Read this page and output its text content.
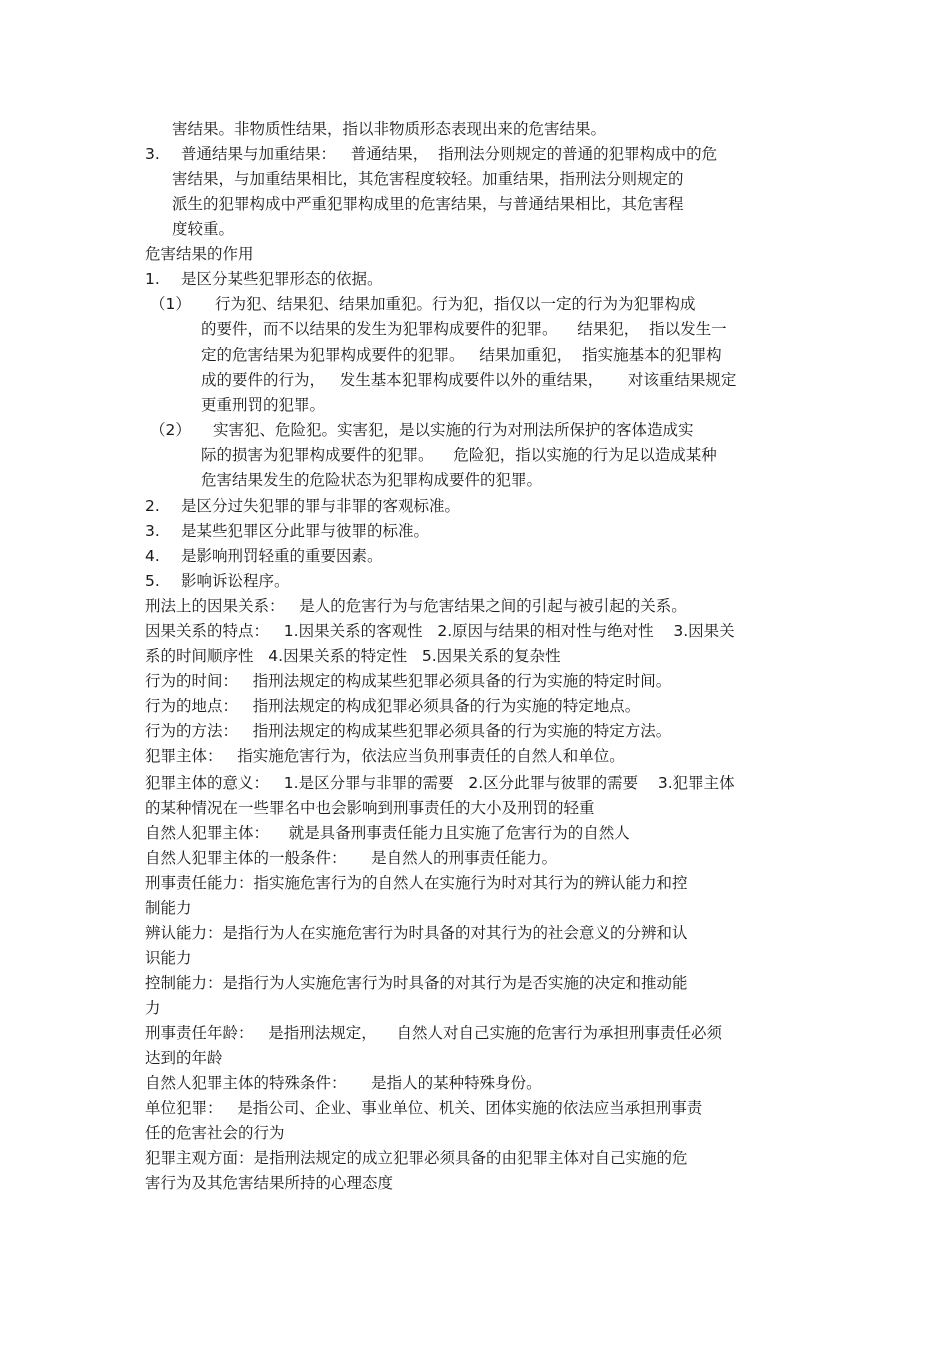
害结果。非物质性结果，指以非物质形态表现出来的危害结果。
3. 普通结果与加重结果：   普通结果，  指刑法分则规定的普通的犯罪构成中的危
害结果，与加重结果相比，其危害程度较轻。加重结果，指刑法分则规定的
派生的犯罪构成中严重犯罪构成里的危害结果，与普通结果相比，其危害程
度较重。
危害结果的作用
1. 是区分某些犯罪形态的依据。
（1） 行为犯、结果犯、结果加重犯。行为犯，指仅以一定的行为为犯罪构成
的要件，而不以结果的发生为犯罪构成要件的犯罪。    结果犯，  指以发生一
定的危害结果为犯罪构成要件的犯罪。   结果加重犯，  指实施基本的犯罪构
成的要件的行为，   发生基本犯罪构成要件以外的重结果，     对该重结果规定
更重刑罚的犯罪。
（2） 实害犯、危险犯。实害犯，是以实施的行为对刑法所保护的客体造成实
际的损害为犯罪构成要件的犯罪。    危险犯，指以实施的行为足以造成某种
危害结果发生的危险状态为犯罪构成要件的犯罪。
2. 是区分过失犯罪的罪与非罪的客观标准。
3. 是某些犯罪区分此罪与彼罪的标准。
4. 是影响刑罚轻重的重要因素。
5. 影响诉讼程序。
刑法上的因果关系：   是人的危害行为与危害结果之间的引起与被引起的关系。
因果关系的特点：   1.因果关系的客观性   2.原因与结果的相对性与绝对性    3.因果关
系的时间顺序性   4.因果关系的特定性   5.因果关系的复杂性
行为的时间：   指刑法规定的构成某些犯罪必须具备的行为实施的特定时间。
行为的地点：   指刑法规定的构成犯罪必须具备的行为实施的特定地点。
行为的方法：   指刑法规定的构成某些犯罪必须具备的行为实施的特定方法。
犯罪主体：   指实施危害行为，依法应当负刑事责任的自然人和单位。
犯罪主体的意义：   1.是区分罪与非罪的需要   2.区分此罪与彼罪的需要    3.犯罪主体
的某种情况在一些罪名中也会影响到刑事责任的大小及刑罚的轻重
自然人犯罪主体：    就是具备刑事责任能力且实施了危害行为的自然人
自然人犯罪主体的一般条件：     是自然人的刑事责任能力。
刑事责任能力：指实施危害行为的自然人在实施行为时对其行为的辨认能力和控
制能力
辨认能力：是指行为人在实施危害行为时具备的对其行为的社会意义的分辨和认
识能力
控制能力：是指行为人实施危害行为时具备的对其行为是否实施的决定和推动能
力
刑事责任年龄：   是指刑法规定，    自然人对自己实施的危害行为承担刑事责任必须
达到的年龄
自然人犯罪主体的特殊条件：     是指人的某种特殊身份。
单位犯罪：   是指公司、企业、事业单位、机关、团体实施的依法应当承担刑事责
任的危害社会的行为
犯罪主观方面：是指刑法规定的成立犯罪必须具备的由犯罪主体对自己实施的危
害行为及其危害结果所持的心理态度
